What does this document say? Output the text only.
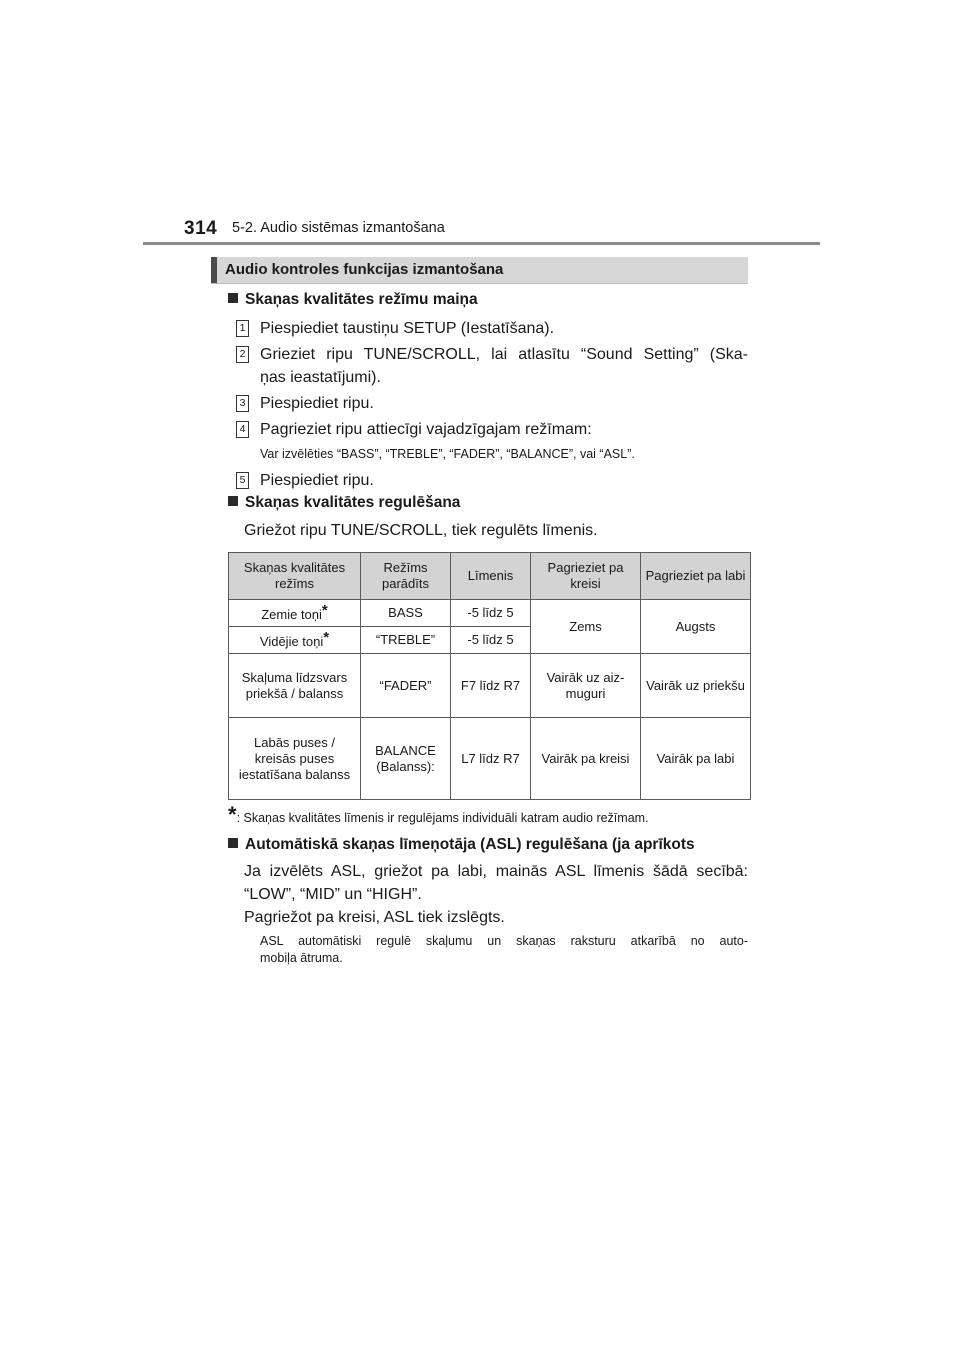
314 5-2. Audio sistēmas izmantošana
Audio kontroles funkcijas izmantošana
Skaņas kvalitātes režīmu maiņa
1 Piespiediet taustiņu SETUP (Iestatīšana).
2 Grieziet ripu TUNE/SCROLL, lai atlasītu “Sound Setting” (Ska-
ņas ieastatījumi).
3 Piespiediet ripu.
4 Pagrieziet ripu attiecīgi vajadzīgajam režīmam:
Var izvēlēties “BASS”, “TREBLE”, “FADER”, “BALANCE”, vai “ASL”.
5 Piespiediet ripu.
Skaņas kvalitātes regulēšana
Griežot ripu TUNE/SCROLL, tiek regulēts līmenis.
Skaņas kvalitātes režīms	Režīms parādīts	Līmenis	Pagrieziet pa kreisi	Pagrieziet pa labi
Zemie toņi*	BASS	-5 līdz 5	Zems	Augsts
Vidējie toņi*	“TREBLE”	-5 līdz 5		
Skaļuma līdzsvars priekšā / balanss	“FADER”	F7 līdz R7	Vairāk uz aiz-muguri	Vairāk uz priekšu
Labās puses / kreisās puses iestatīšana balanss	BALANCE (Balanss):	L7 līdz R7	Vairāk pa kreisi	Vairāk pa labi
*: Skaņas kvalitātes līmenis ir regulējams individuāli katram audio režīmam.
Automātiskā skaņas līmeņotāja (ASL) regulēšana (ja aprīkots
Ja izvēlēts ASL, griežot pa labi, mainās ASL līmenis šādā secībā:
“LOW”, “MID” un “HIGH”.
Pagriežot pa kreisi, ASL tiek izslēgts.
ASL automātiski regulē skaļumu un skaņas raksturu atkarībā no auto-
mobiļa ātruma.
